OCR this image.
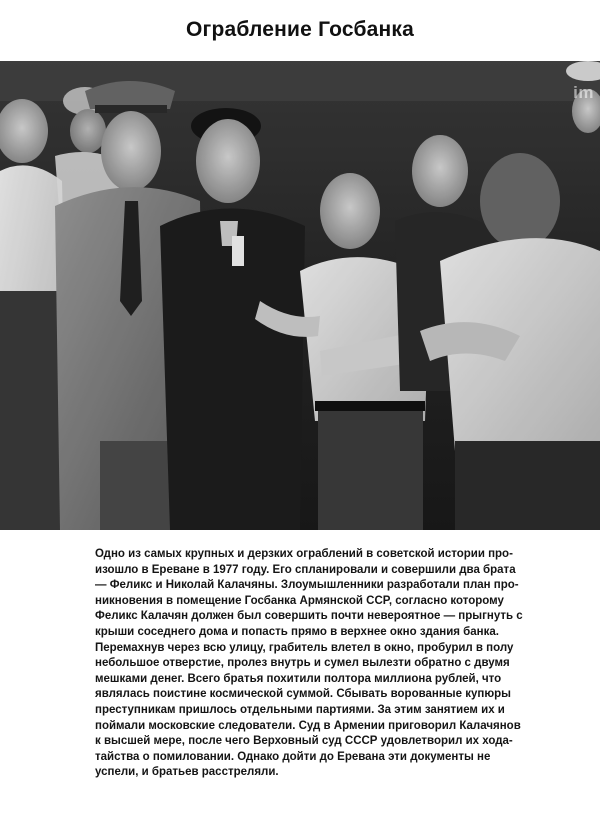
Ограбление Госбанка
im

Одно из самых крупных и дерзких ограблений в советской истории про-
изошло в Ереване в 1977 году. Его спланировали и совершили два брата
— Феликс и Николай Калачяны. Злоумышленники разработали план про-
никновения в помещение Госбанка Армянской ССР, согласно которому
Феликс Калачян должен был совершить почти невероятное — прыгнуть с
крыши соседнего дома и попасть прямо в верхнее окно здания банка.
Перемахнув через всю улицу, грабитель влетел в окно, пробурил в полу
небольшое отверстие, пролез внутрь и сумел вылезти обратно с двумя
мешками денег. Всего братья похитили полтора миллиона рублей, что
являлась поистине космической суммой. Сбывать ворованные купюры
преступникам пришлось отдельными партиями. За этим занятием их и
поймали московские следователи. Суд в Армении приговорил Калачянов
к высшей мере, после чего Верховный суд СССР удовлетворил их хода-
тайства о помиловании. Однако дойти до Еревана эти документы не
успели, и братьев расстреляли.
